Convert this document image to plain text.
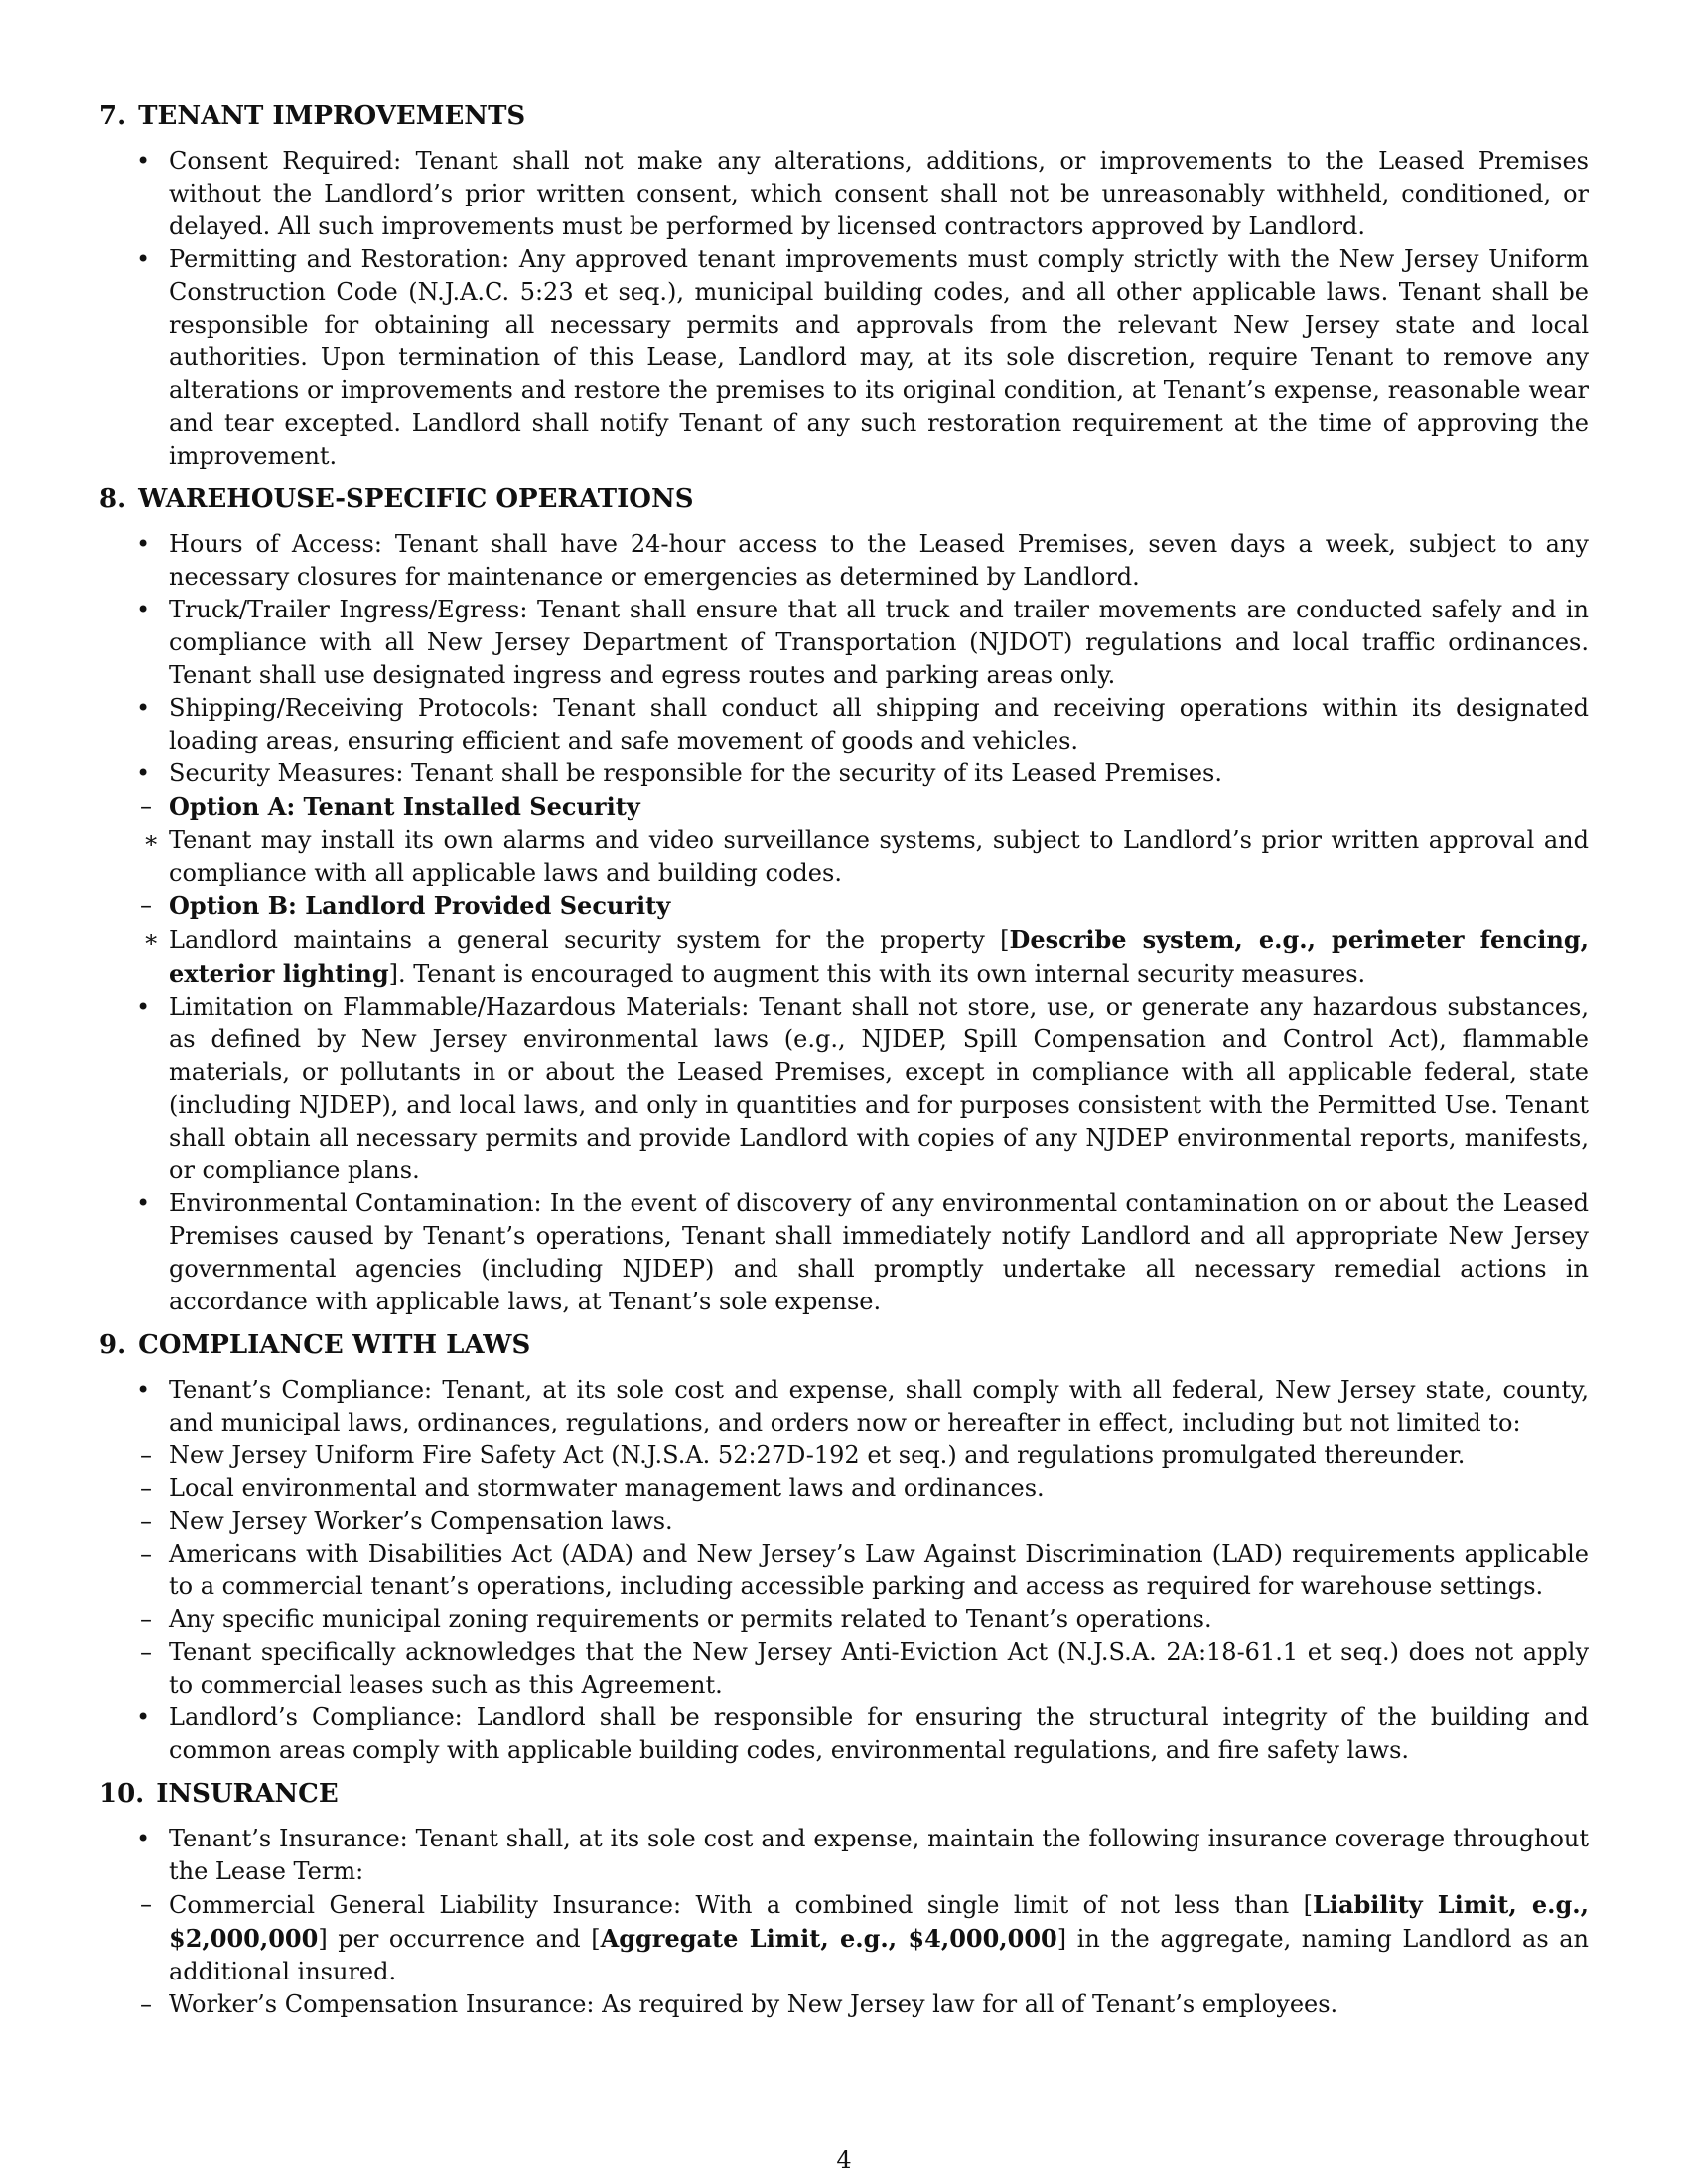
7. TENANT IMPROVEMENTS
• Consent Required: Tenant shall not make any alterations, additions, or improvements to the Leased Premises without the Landlord’s prior written consent, which consent shall not be unreasonably withheld, conditioned, or delayed. All such improvements must be performed by licensed contractors approved by Landlord.
• Permitting and Restoration: Any approved tenant improvements must comply strictly with the New Jersey Uniform Construction Code (N.J.A.C. 5:23 et seq.), municipal building codes, and all other applicable laws. Tenant shall be responsible for obtaining all necessary permits and approvals from the relevant New Jersey state and local authorities. Upon termination of this Lease, Landlord may, at its sole discretion, require Tenant to remove any alterations or improvements and restore the premises to its original condition, at Tenant’s expense, reasonable wear and tear excepted. Landlord shall notify Tenant of any such restoration requirement at the time of approving the improvement.
8. WAREHOUSE-SPECIFIC OPERATIONS
• Hours of Access: Tenant shall have 24-hour access to the Leased Premises, seven days a week, subject to any necessary closures for maintenance or emergencies as determined by Landlord.
• Truck/Trailer Ingress/Egress: Tenant shall ensure that all truck and trailer movements are conducted safely and in compliance with all New Jersey Department of Transportation (NJDOT) regulations and local traffic ordinances. Tenant shall use designated ingress and egress routes and parking areas only.
• Shipping/Receiving Protocols: Tenant shall conduct all shipping and receiving operations within its designated loading areas, ensuring efficient and safe movement of goods and vehicles.
• Security Measures: Tenant shall be responsible for the security of its Leased Premises.
– Option A: Tenant Installed Security
∗ Tenant may install its own alarms and video surveillance systems, subject to Landlord’s prior written approval and compliance with all applicable laws and building codes.
– Option B: Landlord Provided Security
∗ Landlord maintains a general security system for the property [Describe system, e.g., perimeter fencing, exterior lighting]. Tenant is encouraged to augment this with its own internal security measures.
• Limitation on Flammable/Hazardous Materials: Tenant shall not store, use, or generate any hazardous substances, as defined by New Jersey environmental laws (e.g., NJDEP, Spill Compensation and Control Act), flammable materials, or pollutants in or about the Leased Premises, except in compliance with all applicable federal, state (including NJDEP), and local laws, and only in quantities and for purposes consistent with the Permitted Use. Tenant shall obtain all necessary permits and provide Landlord with copies of any NJDEP environmental reports, manifests, or compliance plans.
• Environmental Contamination: In the event of discovery of any environmental contamination on or about the Leased Premises caused by Tenant’s operations, Tenant shall immediately notify Landlord and all appropriate New Jersey governmental agencies (including NJDEP) and shall promptly undertake all necessary remedial actions in accordance with applicable laws, at Tenant’s sole expense.
9. COMPLIANCE WITH LAWS
• Tenant’s Compliance: Tenant, at its sole cost and expense, shall comply with all federal, New Jersey state, county, and municipal laws, ordinances, regulations, and orders now or hereafter in effect, including but not limited to:
– New Jersey Uniform Fire Safety Act (N.J.S.A. 52:27D-192 et seq.) and regulations promulgated thereunder.
– Local environmental and stormwater management laws and ordinances.
– New Jersey Worker’s Compensation laws.
– Americans with Disabilities Act (ADA) and New Jersey’s Law Against Discrimination (LAD) requirements applicable to a commercial tenant’s operations, including accessible parking and access as required for warehouse settings.
– Any specific municipal zoning requirements or permits related to Tenant’s operations.
– Tenant specifically acknowledges that the New Jersey Anti-Eviction Act (N.J.S.A. 2A:18-61.1 et seq.) does not apply to commercial leases such as this Agreement.
• Landlord’s Compliance: Landlord shall be responsible for ensuring the structural integrity of the building and common areas comply with applicable building codes, environmental regulations, and fire safety laws.
10. INSURANCE
• Tenant’s Insurance: Tenant shall, at its sole cost and expense, maintain the following insurance coverage throughout the Lease Term:
– Commercial General Liability Insurance: With a combined single limit of not less than [Liability Limit, e.g., $2,000,000] per occurrence and [Aggregate Limit, e.g., $4,000,000] in the aggregate, naming Landlord as an additional insured.
– Worker’s Compensation Insurance: As required by New Jersey law for all of Tenant’s employees.
4
